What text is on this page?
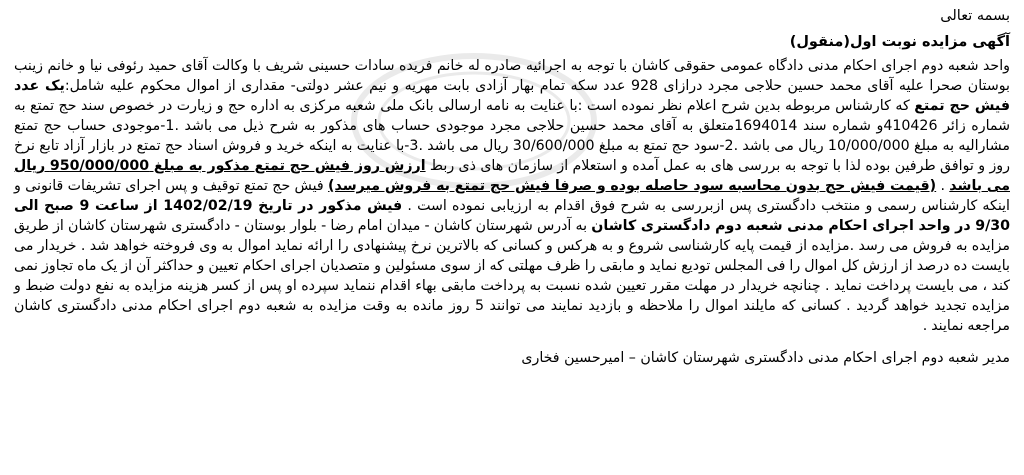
بسمه تعالی

آگهی مزایده نوبت اول(منقول)

واحد شعبه دوم اجرای احکام مدنی دادگاه عمومی حقوقی کاشان با توجه به اجرائیه صادره له خانم فریده سادات حسینی شریف با وکالت آقای حمید رئوفی نیا و خانم زینب بوستان صحرا علیه آقای محمد حسین حلاجی مجرد درازای 928 عدد سکه تمام بهار آزادی بابت مهریه و نیم عشر دولتی- مقداری از اموال محکوم علیه شامل:یک عدد فیش حج تمتع که کارشناس مربوطه بدین شرح اعلام نظر نموده است :با عنایت به نامه ارسالی بانک ملی شعبه مرکزی به اداره حج و زیارت در خصوص سند حج تمتع به شماره زائر 410426و شماره سند 1694014متعلق به آقای محمد حسین حلاجی مجرد موجودی حساب های مذکور به شرح ذیل می باشد .1-موجودی حساب حج تمتع مشارالیه به مبلغ 10/000/000 ریال می باشد .2-سود حج تمتع به مبلغ 30/600/000 ریال می باشد .3-با عنایت به اینکه خرید و فروش اسناد حج تمتع در بازار آزاد تابع نرخ روز و توافق طرفین بوده لذا با توجه به بررسی های به عمل آمده و استعلام از سازمان های ذی ربط ارزش روز فیش حج تمتع مذکور به مبلغ 950/000/000 ریال می باشد . (قیمت فیش حج بدون محاسبه سود حاصله بوده و صرفا فیش حج تمتع به فروش میرسد) فیش حج تمتع توقیف و پس اجرای تشریفات قانونی و اینکه کارشناس رسمی و منتخب دادگستری پس ازبررسی به شرح فوق اقدام به ارزیابی نموده است . فیش مذکور در تاریخ 1402/02/19 از ساعت 9 صبح الی 9/30 در واحد اجرای احکام مدنی شعبه دوم دادگستری کاشان به آدرس شهرستان کاشان - میدان امام رضا - بلوار بوستان - دادگستری شهرستان کاشان از طریق مزایده به فروش می رسد .مزایده از قیمت پایه کارشناسی شروع و به هرکس و کسانی که بالاترین نرخ پیشنهادی را ارائه نماید اموال به وی فروخته خواهد شد . خریدار می بایست ده درصد از ارزش کل اموال را فی المجلس تودیع نماید و مابقی را ظرف مهلتی که از سوی مسئولین و متصدیان اجرای احکام تعیین و حداکثر آن از یک ماه تجاوز نمی کند ، می بایست پرداخت نماید . چنانچه خریدار در مهلت مقرر تعیین شده نسبت به پرداخت مابقی بهاء اقدام ننماید سپرده او پس از کسر هزینه مزایده به نفع دولت ضبط و مزایده تجدید خواهد گردید . کسانی که مایلند اموال را ملاحظه و بازدید نمایند می توانند 5 روز مانده به وقت مزایده به شعبه دوم اجرای احکام مدنی دادگستری کاشان مراجعه نمایند .

مدیر شعبه دوم اجرای احکام مدنی دادگستری شهرستان کاشان – امیرحسین فخاری
